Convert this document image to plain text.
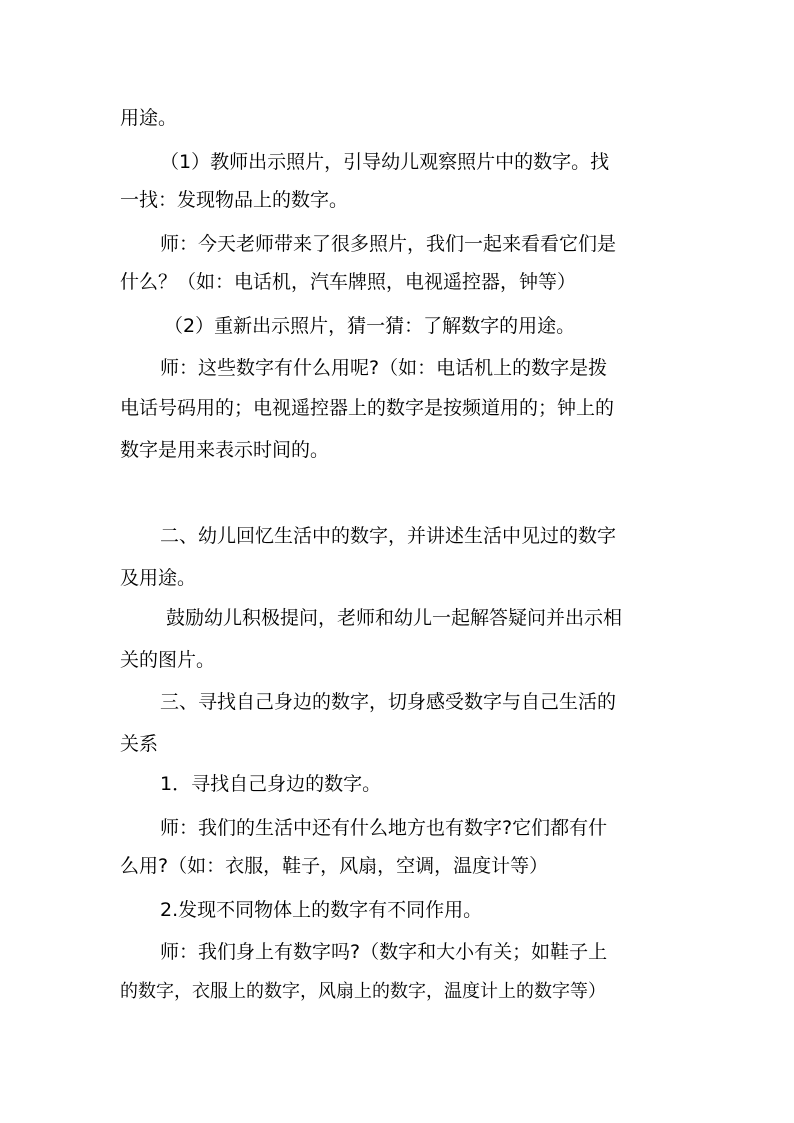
用途。
（1）教师出示照片，引导幼儿观察照片中的数字。找
一找：发现物品上的数字。
师：今天老师带来了很多照片，我们一起来看看它们是
什么？（如：电话机，汽车牌照，电视遥控器，钟等）
（2）重新出示照片，猜一猜：了解数字的用途。
师：这些数字有什么用呢?（如：电话机上的数字是拨
电话号码用的；电视遥控器上的数字是按频道用的；钟上的
数字是用来表示时间的。
二、幼儿回忆生活中的数字，并讲述生活中见过的数字
及用途。
鼓励幼儿积极提问，老师和幼儿一起解答疑问并出示相
关的图片。
三、寻找自己身边的数字，切身感受数字与自己生活的
关系
1．寻找自己身边的数字。
师：我们的生活中还有什么地方也有数字?它们都有什
么用?（如：衣服，鞋子，风扇，空调，温度计等）
2.发现不同物体上的数字有不同作用。
师：我们身上有数字吗?（数字和大小有关；如鞋子上
的数字，衣服上的数字，风扇上的数字，温度计上的数字等）
